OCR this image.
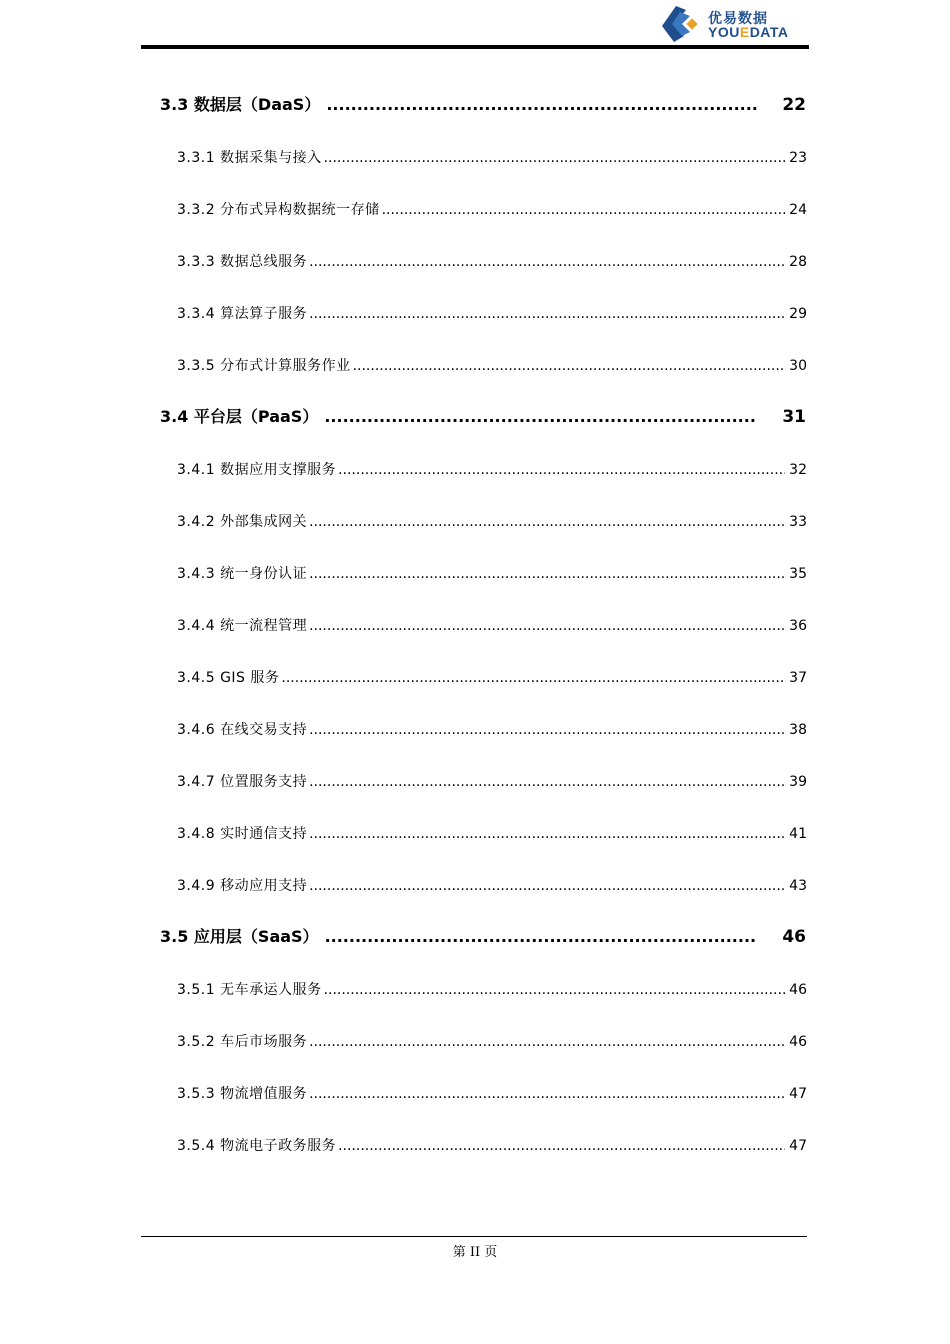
优易数据
YOUEDATA
3.3 数据层（DaaS） .....	22
3.3.1 数据采集与接入 .....	23
3.3.2 分布式异构数据统一存储 .....	24
3.3.3 数据总线服务 .....	28
3.3.4 算法算子服务 .....	29
3.3.5 分布式计算服务作业 .....	30
3.4 平台层（PaaS） .....	31
3.4.1 数据应用支撑服务 .....	32
3.4.2 外部集成网关 .....	33
3.4.3 统一身份认证 .....	35
3.4.4 统一流程管理 .....	36
3.4.5 GIS 服务 .....	37
3.4.6 在线交易支持 .....	38
3.4.7 位置服务支持 .....	39
3.4.8 实时通信支持 .....	41
3.4.9 移动应用支持 .....	43
3.5 应用层（SaaS） .....	46
3.5.1 无车承运人服务 .....	46
3.5.2 车后市场服务 .....	46
3.5.3 物流增值服务 .....	47
3.5.4 物流电子政务服务 .....	47
第 II 页
